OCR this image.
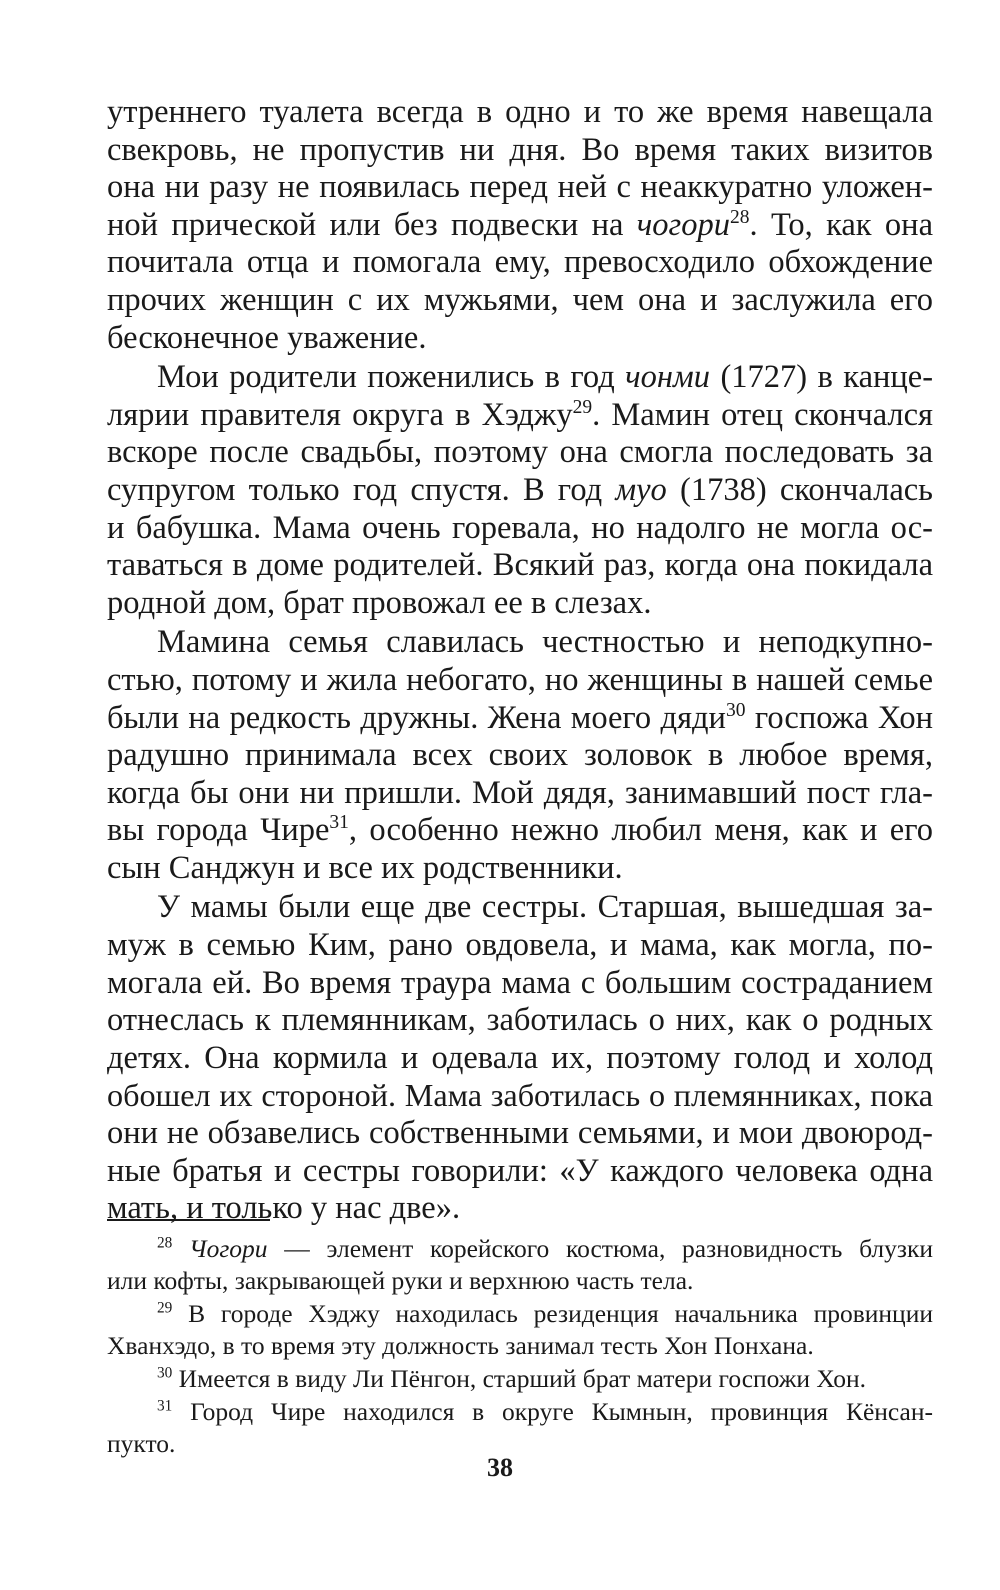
утреннего туалета всегда в одно и то же время навещала
свекровь, не пропустив ни дня. Во время таких визитов
она ни разу не появилась перед ней с неаккуратно уложен-
ной прической или без подвески на чогори$^{28}$. То, как она
почитала отца и помогала ему, превосходило обхождение
прочих женщин с их мужьями, чем она и заслужила его
бесконечное уважение.
Мои родители поженились в год чонми (1727) в канце-
лярии правителя округа в Хэджу$^{29}$. Мамин отец скончался
вскоре после свадьбы, поэтому она смогла последовать за
супругом только год спустя. В год муо (1738) скончалась
и бабушка. Мама очень горевала, но надолго не могла ос-
таваться в доме родителей. Всякий раз, когда она покидала
родной дом, брат провожал ее в слезах.
Мамина семья славилась честностью и неподкупно-
стью, потому и жила небогато, но женщины в нашей семье
были на редкость дружны. Жена моего дяди$^{30}$ госпожа Хон
радушно принимала всех своих золовок в любое время,
когда бы они ни пришли. Мой дядя, занимавший пост гла-
вы города Чире$^{31}$, особенно нежно любил меня, как и его
сын Санджун и все их родственники.
У мамы были еще две сестры. Старшая, вышедшая за-
муж в семью Ким, рано овдовела, и мама, как могла, по-
могала ей. Во время траура мама с большим состраданием
отнеслась к племянникам, заботилась о них, как о родных
детях. Она кормила и одевала их, поэтому голод и холод
обошел их стороной. Мама заботилась о племянниках, пока
они не обзавелись собственными семьями, и мои двоюрод-
ные братья и сестры говорили: «У каждого человека одна
мать, и только у нас две».
$^{28}$ Чогори — элемент корейского костюма, разновидность блузки
или кофты, закрывающей руки и верхнюю часть тела.
$^{29}$ В городе Хэджу находилась резиденция начальника провинции
Хванхэдо, в то время эту должность занимал тесть Хон Понхана.
$^{30}$ Имеется в виду Ли Пёнгон, старший брат матери госпожи Хон.
$^{31}$ Город Чире находился в округе Кымнын, провинция Кёнсан-
пукто.
38
